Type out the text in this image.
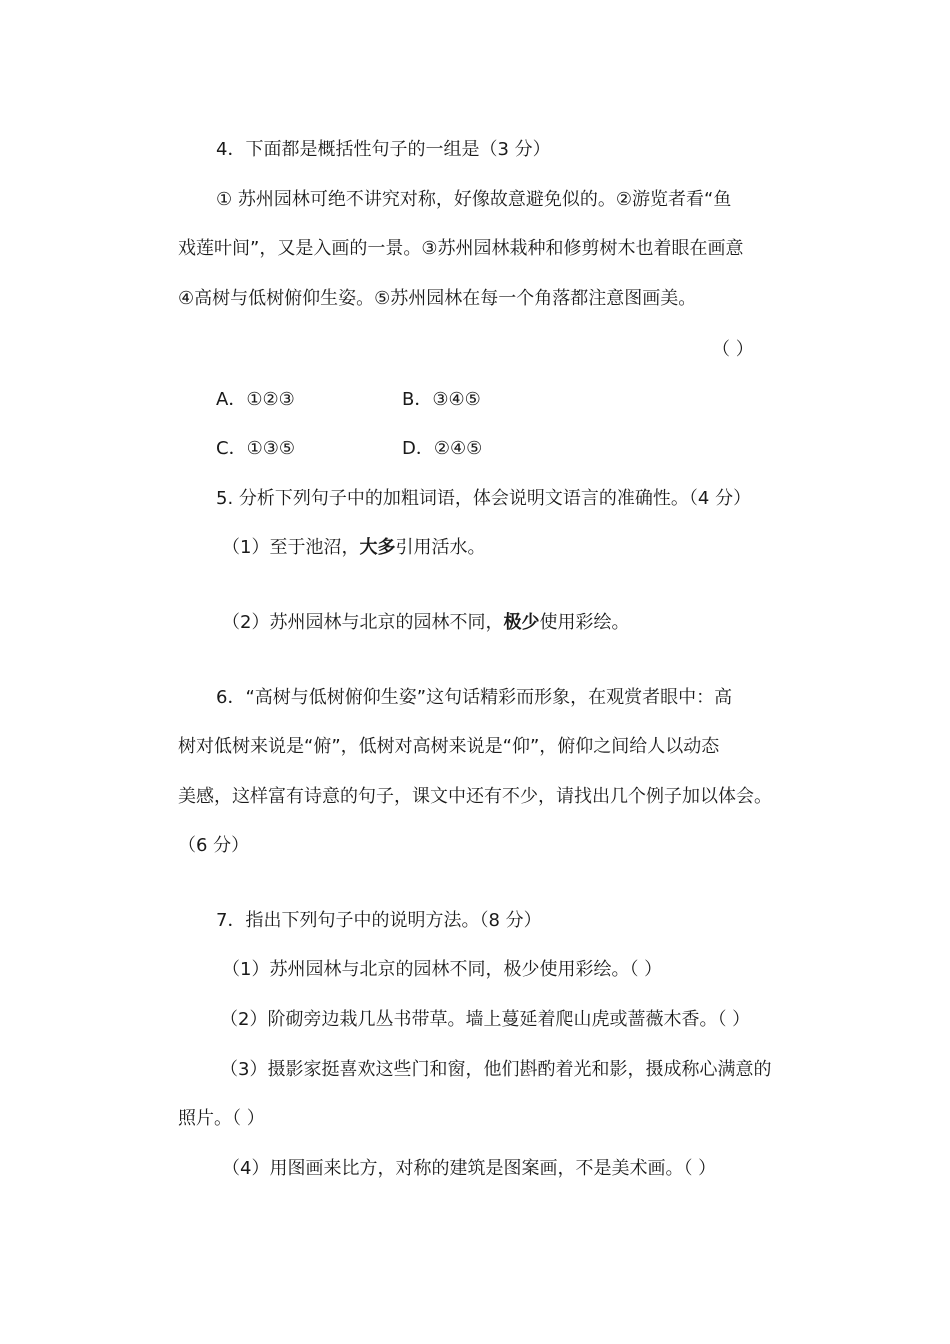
4．下面都是概括性句子的一组是（3 分）
① 苏州园林可绝不讲究对称，好像故意避免似的。②游览者看“鱼
戏莲叶间”，又是入画的一景。③苏州园林栽种和修剪树木也着眼在画意
④高树与低树俯仰生姿。⑤苏州园林在每一个角落都注意图画美。
（ ）
A．①②③	B．③④⑤
C．①③⑤	D．②④⑤
5. 分析下列句子中的加粗词语，体会说明文语言的准确性。（4 分）
（1）至于池沼，大多引用活水。
（2）苏州园林与北京的园林不同，极少使用彩绘。
6．“高树与低树俯仰生姿”这句话精彩而形象，在观赏者眼中：高
树对低树来说是“俯”，低树对高树来说是“仰”，俯仰之间给人以动态
美感，这样富有诗意的句子，课文中还有不少，请找出几个例子加以体会。
（6 分）
7．指出下列句子中的说明方法。（8 分）
（1）苏州园林与北京的园林不同，极少使用彩绘。（ ）
（2）阶砌旁边栽几丛书带草。墙上蔓延着爬山虎或蔷薇木香。（ ）
（3）摄影家挺喜欢这些门和窗，他们斟酌着光和影，摄成称心满意的
照片。（ ）
（4）用图画来比方，对称的建筑是图案画，不是美术画。（ ）
